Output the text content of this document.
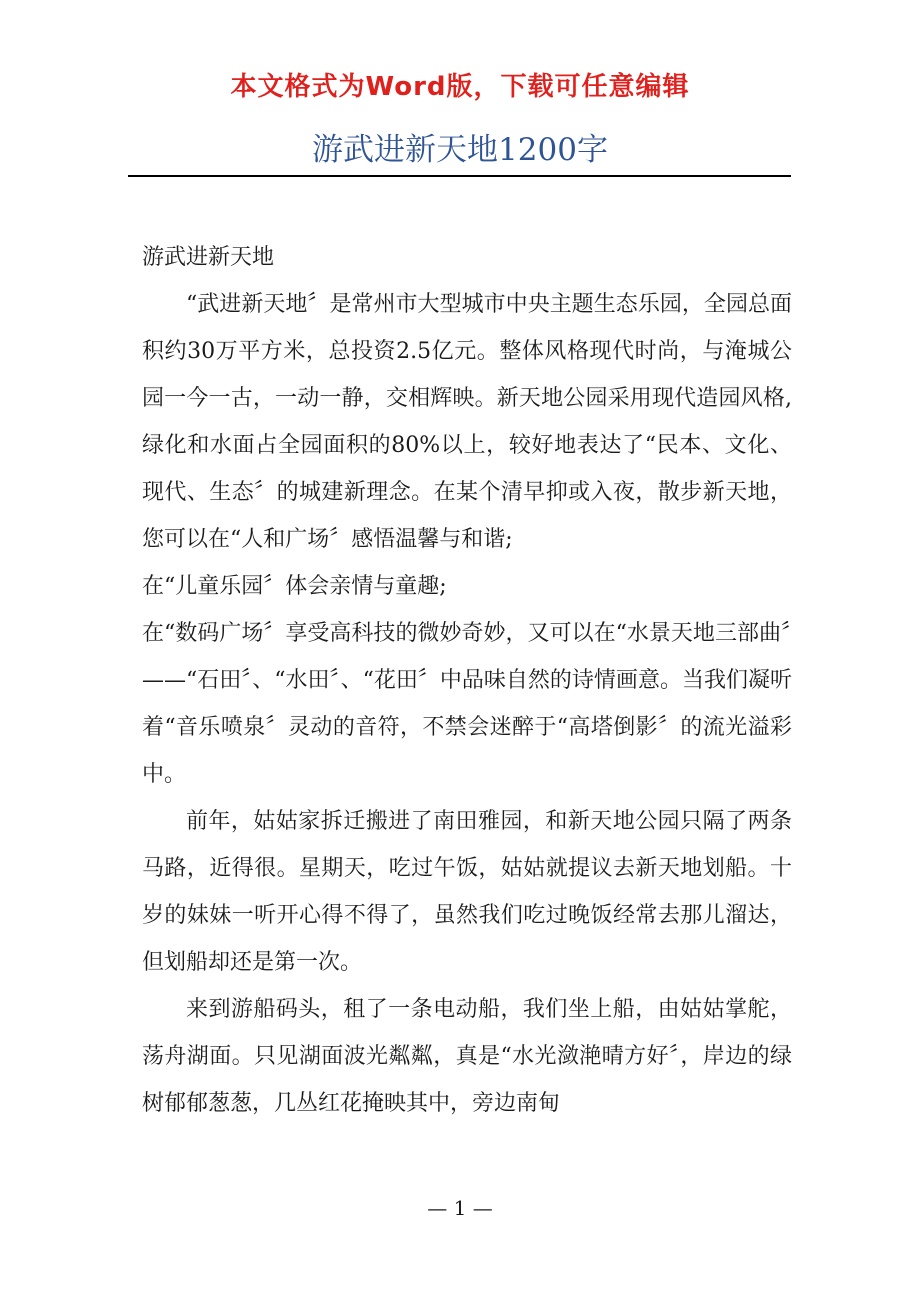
本文格式为Word版，下载可任意编辑
游武进新天地1200字

游武进新天地

“武进新天地〞是常州市大型城市中央主题生态乐园，全园总面积约30万平方米，总投资2.5亿元。整体风格现代时尚，与淹城公园一今一古，一动一静，交相辉映。新天地公园采用现代造园风格,绿化和水面占全园面积的80%以上，较好地表达了“民本、文化、现代、生态〞的城建新理念。在某个清早抑或入夜，散步新天地，您可以在“人和广场〞感悟温馨与和谐;

在“儿童乐园〞体会亲情与童趣;

在“数码广场〞享受高科技的微妙奇妙，又可以在“水景天地三部曲〞——“石田〞、“水田〞、“花田〞中品味自然的诗情画意。当我们凝听着“音乐喷泉〞灵动的音符，不禁会迷醉于“高塔倒影〞的流光溢彩中。

前年，姑姑家拆迁搬进了南田雅园，和新天地公园只隔了两条马路，近得很。星期天，吃过午饭，姑姑就提议去新天地划船。十岁的妹妹一听开心得不得了，虽然我们吃过晚饭经常去那儿溜达，但划船却还是第一次。

来到游船码头，租了一条电动船，我们坐上船，由姑姑掌舵，荡舟湖面。只见湖面波光粼粼，真是“水光潋滟晴方好〞，岸边的绿树郁郁葱葱，几丛红花掩映其中，旁边南甸

— 1 —
